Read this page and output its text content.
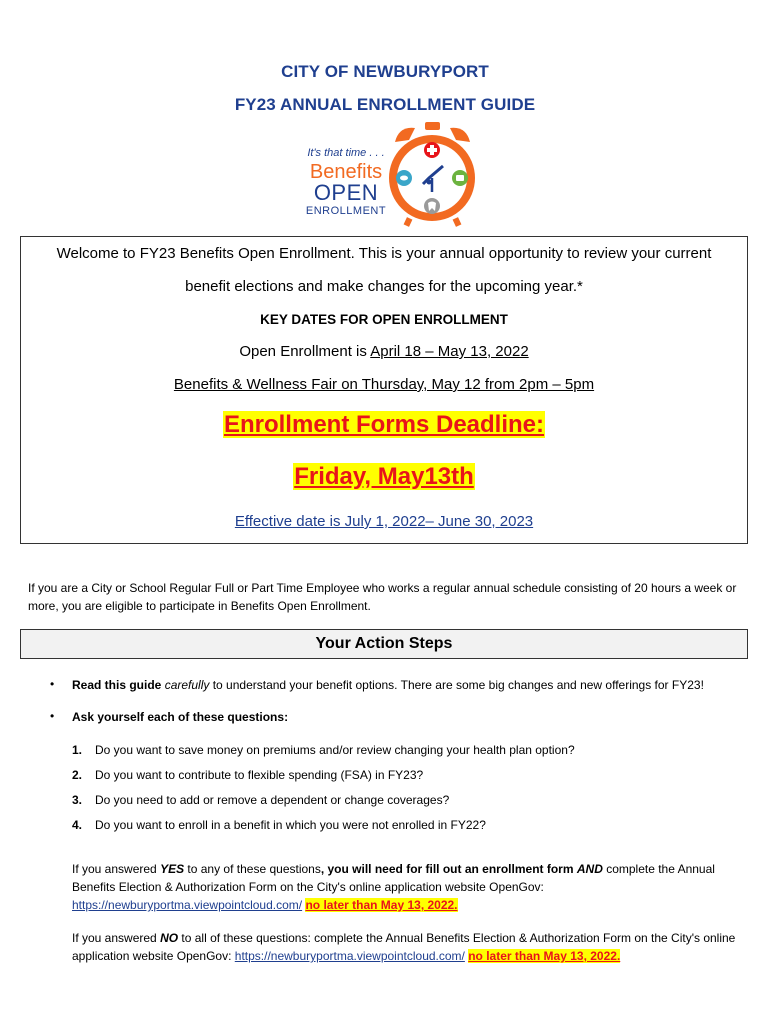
CITY OF NEWBURYPORT
FY23 ANNUAL ENROLLMENT GUIDE
It's that time . . .
Benefits
OPEN
ENROLLMENT
Welcome to FY23 Benefits Open Enrollment. This is your annual opportunity to review your current
benefit elections and make changes for the upcoming year.*
KEY DATES FOR OPEN ENROLLMENT
Open Enrollment is April 18 – May 13, 2022
Benefits & Wellness Fair on Thursday, May 12 from 2pm – 5pm
Enrollment Forms Deadline:
Friday, May13th
Effective date is July 1, 2022– June 30, 2023
If you are a City or School Regular Full or Part Time Employee who works a regular annual schedule consisting of 20 hours a week or more, you are eligible to participate in Benefits Open Enrollment.
Your Action Steps
• Read this guide carefully to understand your benefit options. There are some big changes and new offerings for FY23!
• Ask yourself each of these questions:
1. Do you want to save money on premiums and/or review changing your health plan option?
2. Do you want to contribute to flexible spending (FSA) in FY23?
3. Do you need to add or remove a dependent or change coverages?
4. Do you want to enroll in a benefit in which you were not enrolled in FY22?
If you answered YES to any of these questions, you will need for fill out an enrollment form AND complete the Annual Benefits Election & Authorization Form on the City's online application website OpenGov: https://newburyportma.viewpointcloud.com/ no later than May 13, 2022.
If you answered NO to all of these questions: complete the Annual Benefits Election & Authorization Form on the City's online application website OpenGov: https://newburyportma.viewpointcloud.com/ no later than May 13, 2022.
